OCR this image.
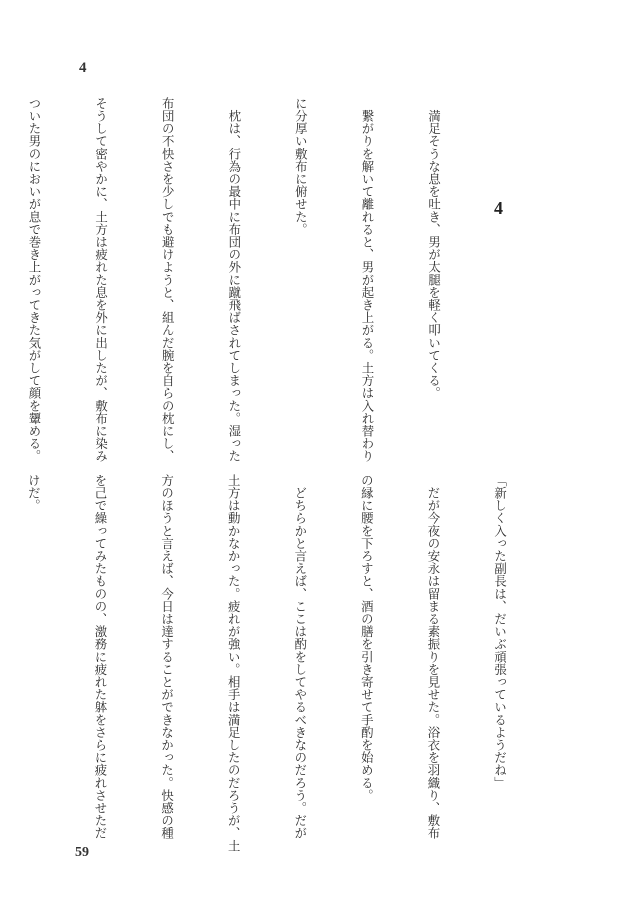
4
4

　満足そうな息を吐き、男が太腿を軽く叩いてくる。

　繋がりを解いて離れると、男が起き上がる。土方は入れ替わり

に分厚い敷布に俯せた。

　枕は、行為の最中に布団の外に蹴飛ばされてしまった。湿った

布団の不快さを少しでも避けようと、組んだ腕を自らの枕にし、

そうして密やかに、土方は疲れた息を外に出したが、敷布に染み

ついた男のにおいが息で巻き上がってきた気がして顔を顰める。

「新しく入った副長は、だいぶ頑張っているようだね」

　だが今夜の安永は留まる素振りを見せた。浴衣を羽織り、敷布

の縁に腰を下ろすと、酒の膳を引き寄せて手酌を始める。

　どちらかと言えば、ここは酌をしてやるべきなのだろう。だが

土方は動かなかった。疲れが強い。相手は満足したのだろうが、土

方のほうと言えば、今日は達することができなかった。快感の種

を己で繰ってみたものの、激務に疲れた躰をさらに疲れさせただ

けだ。

59
